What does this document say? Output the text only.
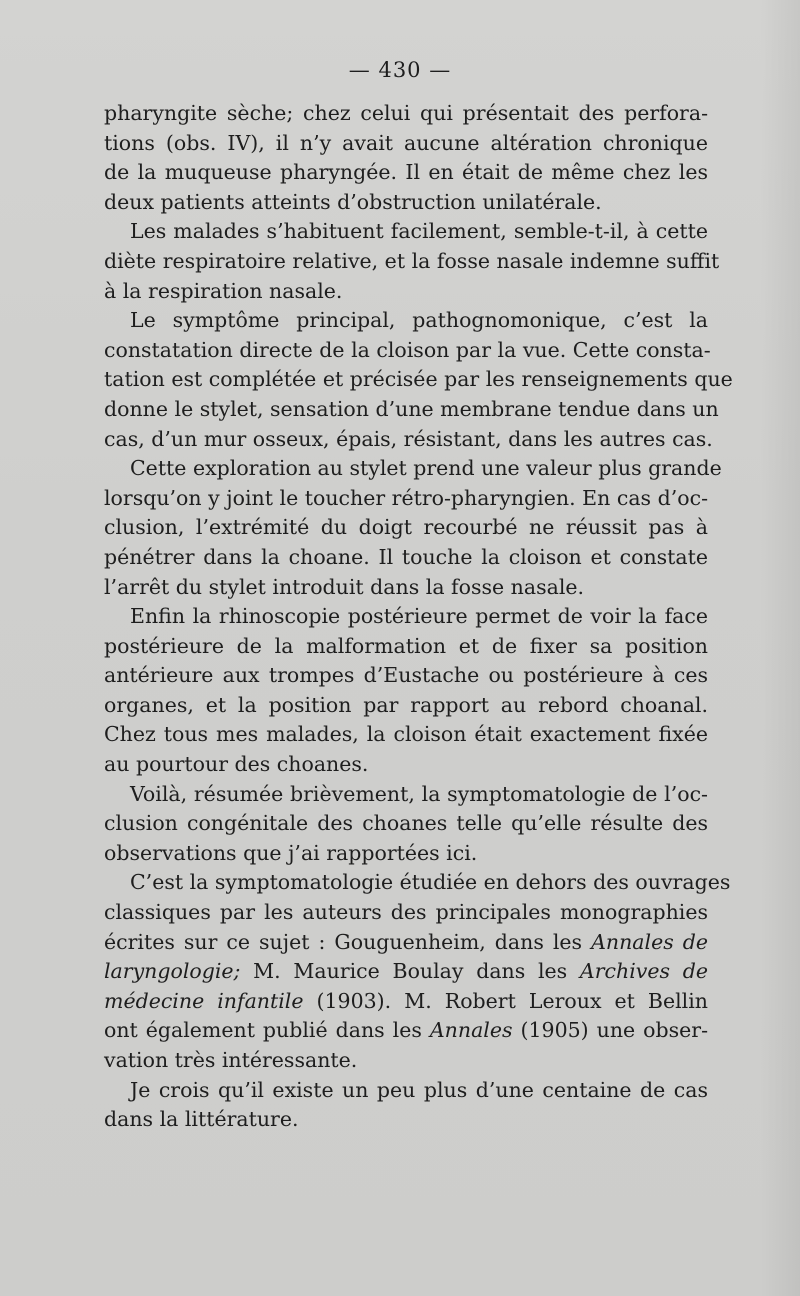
— 430 —

pharyngite sèche; chez celui qui présentait des perfora-
tions (obs. IV), il n’y avait aucune altération chronique
de la muqueuse pharyngée. Il en était de même chez les
deux patients atteints d’obstruction unilatérale.

Les malades s’habituent facilement, semble-t-il, à cette
diète respiratoire relative, et la fosse nasale indemne suffit
à la respiration nasale.

Le symptôme principal, pathognomonique, c’est la
constatation directe de la cloison par la vue. Cette consta-
tation est complétée et précisée par les renseignements que
donne le stylet, sensation d’une membrane tendue dans un
cas, d’un mur osseux, épais, résistant, dans les autres cas.

Cette exploration au stylet prend une valeur plus grande
lorsqu’on y joint le toucher rétro-pharyngien. En cas d’oc-
clusion, l’extrémité du doigt recourbé ne réussit pas à
pénétrer dans la choane. Il touche la cloison et constate
l’arrêt du stylet introduit dans la fosse nasale.

Enfin la rhinoscopie postérieure permet de voir la face
postérieure de la malformation et de fixer sa position
antérieure aux trompes d’Eustache ou postérieure à ces
organes, et la position par rapport au rebord choanal.
Chez tous mes malades, la cloison était exactement fixée
au pourtour des choanes.

Voilà, résumée brièvement, la symptomatologie de l’oc-
clusion congénitale des choanes telle qu’elle résulte des
observations que j’ai rapportées ici.

C’est la symptomatologie étudiée en dehors des ouvrages
classiques par les auteurs des principales monographies
écrites sur ce sujet : Gouguenheim, dans les Annales de
laryngologie; M. Maurice Boulay dans les Archives de
médecine infantile (1903). M. Robert Leroux et Bellin
ont également publié dans les Annales (1905) une obser-
vation très intéressante.

Je crois qu’il existe un peu plus d’une centaine de cas
dans la littérature.
